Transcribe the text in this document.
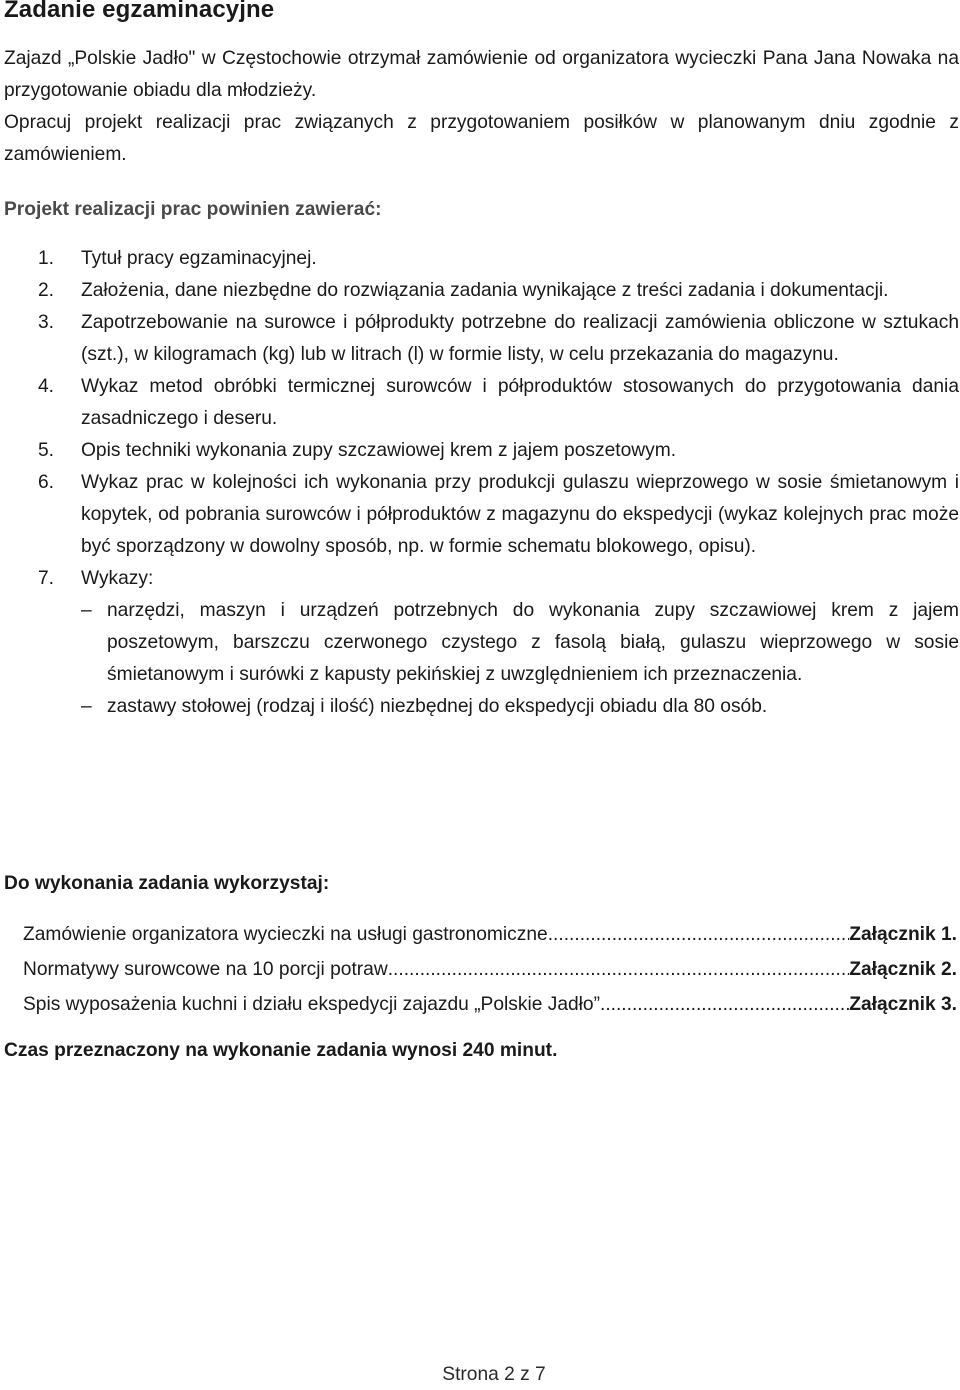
Zadanie egzaminacyjne

Zajazd „Polskie Jadło" w Częstochowie otrzymał zamówienie od organizatora wycieczki Pana Jana Nowaka na przygotowanie obiadu dla młodzieży.

Opracuj projekt realizacji prac związanych z przygotowaniem posiłków w planowanym dniu zgodnie z zamówieniem.

Projekt realizacji prac powinien zawierać:

1. Tytuł pracy egzaminacyjnej.
2. Założenia, dane niezbędne do rozwiązania zadania wynikające z treści zadania i dokumentacji.
3. Zapotrzebowanie na surowce i półprodukty potrzebne do realizacji zamówienia obliczone w sztukach (szt.), w kilogramach (kg) lub w litrach (l) w formie listy, w celu przekazania do magazynu.
4. Wykaz metod obróbki termicznej surowców i półproduktów stosowanych do przygotowania dania zasadniczego i deseru.
5. Opis techniki wykonania zupy szczawiowej krem z jajem poszetowym.
6. Wykaz prac w kolejności ich wykonania przy produkcji gulaszu wieprzowego w sosie śmietanowym i kopytek, od pobrania surowców i półproduktów z magazynu do ekspedycji (wykaz kolejnych prac może być sporządzony w dowolny sposób, np. w formie schematu blokowego, opisu).
7. Wykazy:
– narzędzi, maszyn i urządzeń potrzebnych do wykonania zupy szczawiowej krem z jajem poszetowym, barszczu czerwonego czystego z fasolą białą, gulaszu wieprzowego w sosie śmietanowym i surówki z kapusty pekińskiej z uwzględnieniem ich przeznaczenia.
– zastawy stołowej (rodzaj i ilość) niezbędnej do ekspedycji obiadu dla 80 osób.

Do wykonania zadania wykorzystaj:

Zamówienie organizatora wycieczki na usługi gastronomiczne .....	Załącznik 1.
Normatywy surowcowe na 10 porcji potraw .....	Załącznik 2.
Spis wyposażenia kuchni i działu ekspedycji zajazdu „Polskie Jadło” .....	Załącznik 3.

Czas przeznaczony na wykonanie zadania wynosi 240 minut.

Strona 2 z 7
